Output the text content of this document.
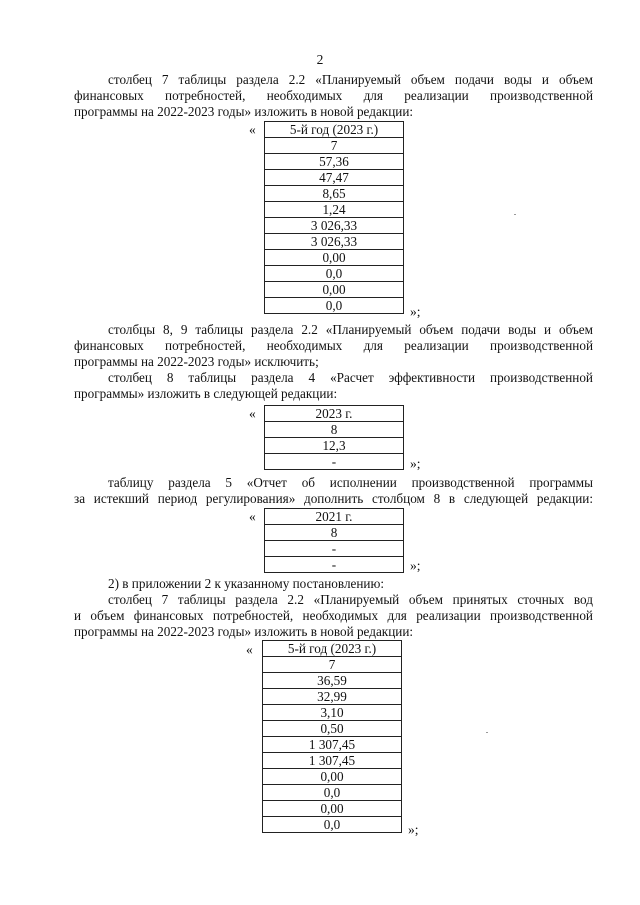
2
столбец 7 таблицы раздела 2.2 «Планируемый объем подачи воды и объем
финансовых потребностей, необходимых для реализации производственной
программы на 2022-2023 годы» изложить в новой редакции:
«	5-й год (2023 г.)
7
57,36
47,47
8,65
1,24
3 026,33
3 026,33
0,00
0,0
0,00
0,0	»;
столбцы 8, 9 таблицы раздела 2.2 «Планируемый объем подачи воды и объем
финансовых потребностей, необходимых для реализации производственной
программы на 2022-2023 годы» исключить;
столбец 8 таблицы раздела 4 «Расчет эффективности производственной
программы» изложить в следующей редакции:
«	2023 г.
8
12,3
-	»;
таблицу раздела 5 «Отчет об исполнении производственной программы
за истекший период регулирования» дополнить столбцом 8 в следующей редакции:
«	2021 г.
8
-
-	»;
2) в приложении 2 к указанному постановлению:
столбец 7 таблицы раздела 2.2 «Планируемый объем принятых сточных вод
и объем финансовых потребностей, необходимых для реализации производственной
программы на 2022-2023 годы» изложить в новой редакции:
«	5-й год (2023 г.)
7
36,59
32,99
3,10
0,50
1 307,45
1 307,45
0,00
0,0
0,00
0,0	»;
